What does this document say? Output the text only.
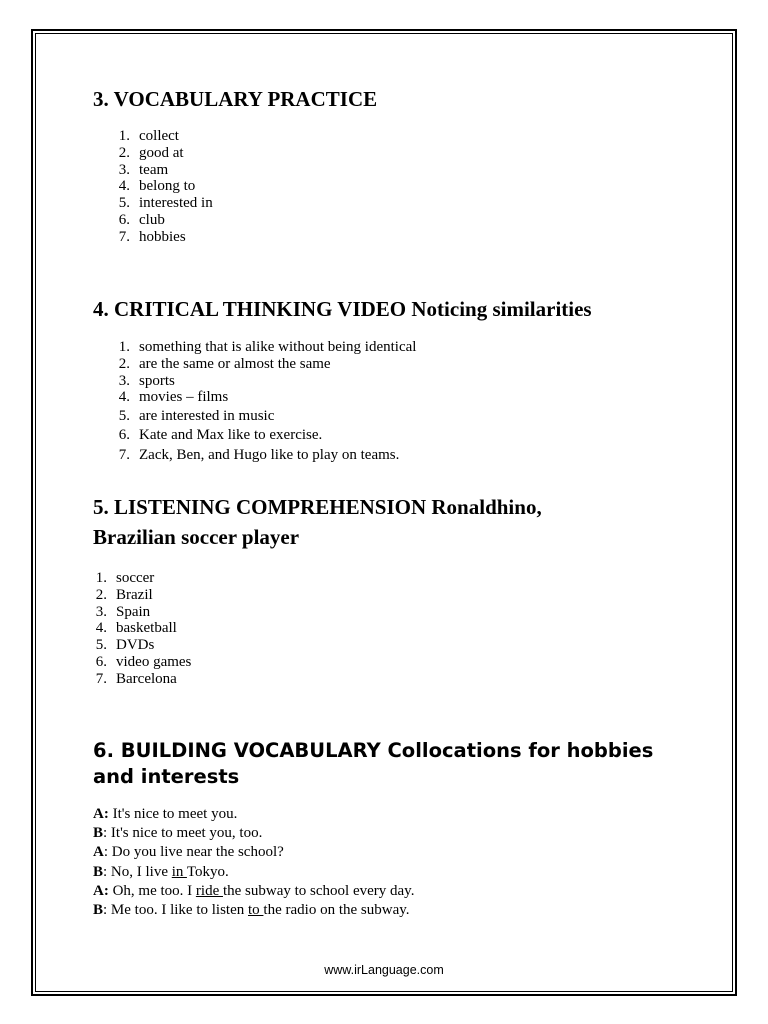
3. VOCABULARY PRACTICE
1. collect
2. good at
3. team
4. belong to
5. interested in
6. club
7. hobbies
4. CRITICAL THINKING VIDEO Noticing similarities
1. something that is alike without being identical
2. are the same or almost the same
3. sports
4. movies – films
5. are interested in music
6. Kate and Max like to exercise.
7. Zack, Ben, and Hugo like to play on teams.
5. LISTENING COMPREHENSION Ronaldhino,
Brazilian soccer player
1. soccer
2. Brazil
3. Spain
4. basketball
5. DVDs
6. video games
7. Barcelona
6. BUILDING VOCABULARY Collocations for hobbies
and interests
A: It's nice to meet you.
B: It's nice to meet you, too.
A: Do you live near the school?
B: No, I live in Tokyo.
A: Oh, me too. I ride the subway to school every day.
B: Me too. I like to listen to the radio on the subway.
www.irLanguage.com
